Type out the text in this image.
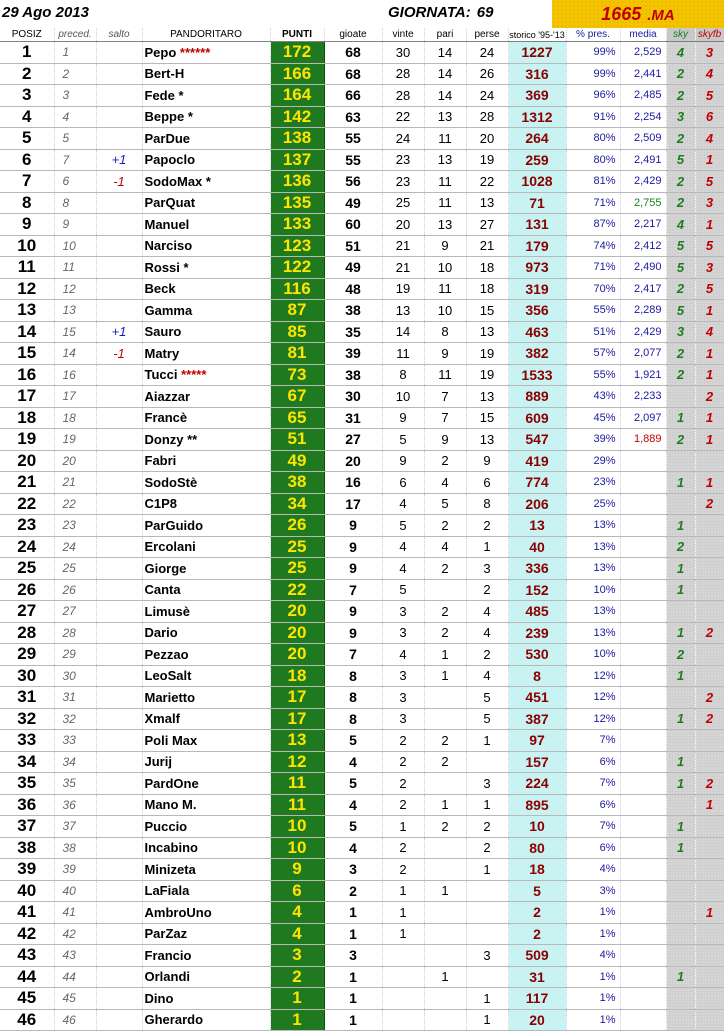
29 Ago 2013	GIORNATA: 69	1665 .MA
POSIZ	preced.	salto	PANDORITARO	PUNTI	gioate	vinte	pari	perse	storico '95-'13	% pres.	media	sky	skyfb
1	1		Pepo ******	172	68	30	14	24	1227	99%	2,529	4	3
2	2		Bert-H	166	68	28	14	26	316	99%	2,441	2	4
3	3		Fede *	164	66	28	14	24	369	96%	2,485	2	5
4	4		Beppe *	142	63	22	13	28	1312	91%	2,254	3	6
5	5		ParDue	138	55	24	11	20	264	80%	2,509	2	4
6	7	+1	Papoclo	137	55	23	13	19	259	80%	2,491	5	1
7	6	-1	SodoMax *	136	56	23	11	22	1028	81%	2,429	2	5
8	8		ParQuat	135	49	25	11	13	71	71%	2,755	2	3
9	9		Manuel	133	60	20	13	27	131	87%	2,217	4	1
10	10		Narciso	123	51	21	9	21	179	74%	2,412	5	5
11	11		Rossi *	122	49	21	10	18	973	71%	2,490	5	3
12	12		Beck	116	48	19	11	18	319	70%	2,417	2	5
13	13		Gamma	87	38	13	10	15	356	55%	2,289	5	1
14	15	+1	Sauro	85	35	14	8	13	463	51%	2,429	3	4
15	14	-1	Matry	81	39	11	9	19	382	57%	2,077	2	1
16	16		Tucci *****	73	38	8	11	19	1533	55%	1,921	2	1
17	17		Aiazzar	67	30	10	7	13	889	43%	2,233		2
18	18		Francè	65	31	9	7	15	609	45%	2,097	1	1
19	19		Donzy **	51	27	5	9	13	547	39%	1,889	2	1
20	20		Fabri	49	20	9	2	9	419	29%			
21	21		SodoStè	38	16	6	4	6	774	23%		1	1
22	22		C1P8	34	17	4	5	8	206	25%			2
23	23		ParGuido	26	9	5	2	2	13	13%		1	
24	24		Ercolani	25	9	4	4	1	40	13%		2	
25	25		Giorge	25	9	4	2	3	336	13%		1	
26	26		Canta	22	7	5		2	152	10%		1	
27	27		Limusè	20	9	3	2	4	485	13%			
28	28		Dario	20	9	3	2	4	239	13%		1	2
29	29		Pezzao	20	7	4	1	2	530	10%		2	
30	30		LeoSalt	18	8	3	1	4	8	12%		1	
31	31		Marietto	17	8	3		5	451	12%			2
32	32		Xmalf	17	8	3		5	387	12%		1	2
33	33		Poli Max	13	5	2	2	1	97	7%			
34	34		Jurij	12	4	2	2		157	6%		1	
35	35		PardOne	11	5	2		3	224	7%		1	2
36	36		Mano M.	11	4	2	1	1	895	6%			1
37	37		Puccio	10	5	1	2	2	10	7%		1	
38	38		Incabino	10	4	2		2	80	6%		1	
39	39		Minizeta	9	3	2		1	18	4%			
40	40		LaFiala	6	2	1	1		5	3%			
41	41		AmbroUno	4	1	1			2	1%			1
42	42		ParZaz	4	1	1			2	1%			
43	43		Francio	3	3			3	509	4%			
44	44		Orlandi	2	1		1		31	1%		1	
45	45		Dino	1	1			1	117	1%			
46	46		Gherardo	1	1			1	20	1%			
